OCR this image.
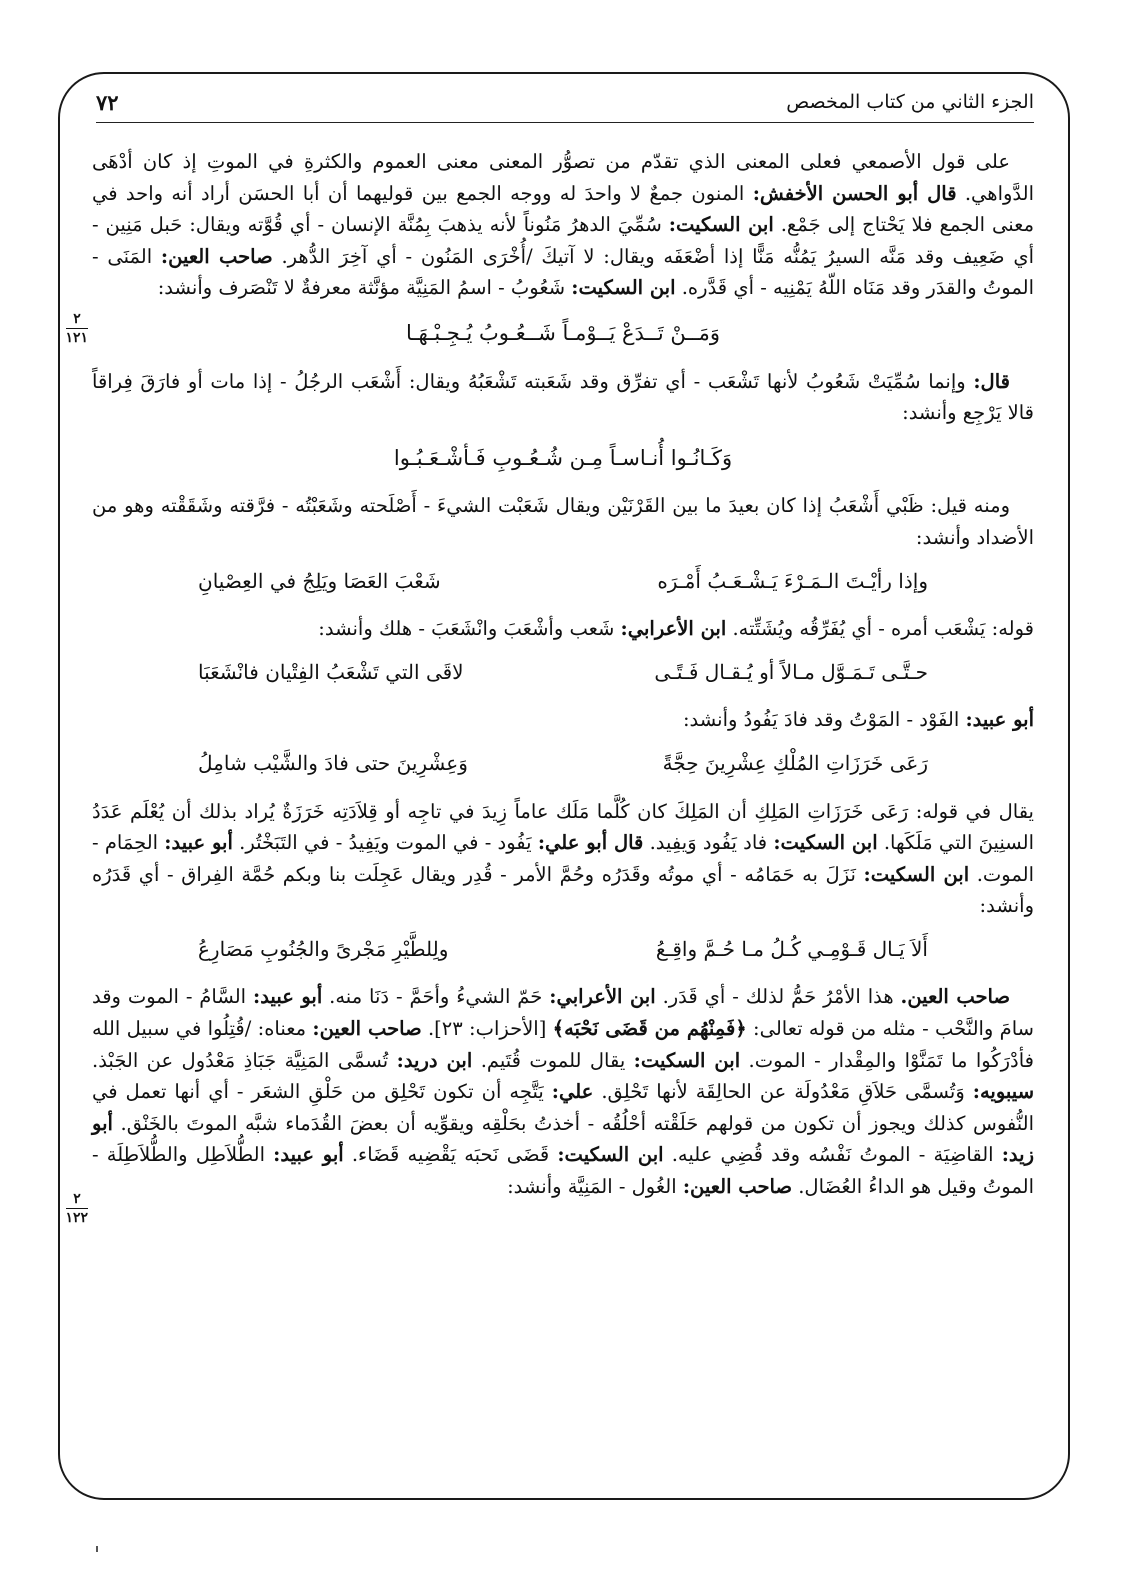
الجزء الثاني من كتاب المخصص
٧٢
٢
١٢١
٢
١٢٢

على قول الأصمعي فعلى المعنى الذي تقدّم من تصوُّر المعنى معنى العموم والكثرةِ في الموتِ إذ كان أدْهَى الدَّواهي. قال أبو الحسن الأخفش: المنون جمعٌ لا واحدَ له ووجه الجمع بين قوليهما أن أبا الحسَن أراد أنه واحد في معنى الجمع فلا يَحْتاج إلى جَمْع. ابن السكيت: سُمِّيَ الدهرُ مَنُوناً لأنه يذهبَ بِمُنَّة الإنسان - أي قُوَّته ويقال: حَبل مَنِين - أي ضَعِيف وقد مَنَّه السيرُ يَمُنُّه مَنًّا إذا أضْعَفَه ويقال: لا آتيكَ /أُخْرَى المَنُون - أي آخِرَ الدُّهر. صاحب العين: المَنَى - الموتُ والقدَر وقد مَنَاه اللّهُ يَمْنِيه - أي قَدَّره. ابن السكيت: شَعُوبُ - اسمُ المَنِيَّة مؤنَّثة معرفةٌ لا تَنْصَرف وأنشد:

وَمَــنْ تَــدَعْ يَــوْمـاً شَــعُـوبُ يُـجِـبْـهَـا

قال: وإنما سُمِّيَتْ شَعُوبُ لأنها تَشْعَب - أي تفرِّق وقد شَعَبته تَشْعَبُهُ ويقال: أَشْعَب الرجُلُ - إذا مات أو فارَقَ فِراقاً قالا يَرْجِع وأنشد:

وَكَـانُـوا أُنـاسـاً مِـن شُـعُـوبِ فَـأشْـعَـبُـوا

ومنه قيل: ظَبْي أَشْعَبُ إذا كان بعيدَ ما بين القَرْنَيْن ويقال شَعَبْت الشيءَ - أَصْلَحته وشَعَبْتُه - فرَّقته وشَقَقْته وهو من الأضداد وأنشد:

وإذا رأيْـتَ الـمَـرْءَ يَـشْـعَـبُ أَمْـرَه
شَعْبَ العَصَا ويَلِجُ في العِصْيانِ

قوله: يَشْعَب أمره - أي يُفَرِّقُه ويُشَتِّته. ابن الأعرابي: شَعب وأشْعَبَ وانْشَعَبَ - هلك وأنشد:

حـتَّـى تَـمَـوَّل مـالاً أو يُـقـال فَـتًـى
لاقَى التي تَشْعَبُ الفِتْيان فانْشَعَبَا

أبو عبيد: الفَوْد - المَوْتُ وقد فادَ يَفُودُ وأنشد:

رَعَى خَرَزَاتِ المُلْكِ عِشْرِينَ حِجَّةً
وَعِشْرِينَ حتى فادَ والشَّيْب شامِلُ

يقال في قوله: رَعَى خَرَزَاتِ المَلِكِ أن المَلِكَ كان كُلَّما مَلَك عاماً زِيدَ في تاجِه أو قِلاَدَتِه خَرَزَةٌ يُراد بذلك أن يُعْلَم عَدَدُ السنِينَ التي مَلَكَها. ابن السكيت: فاد يَفُود وَيفِيد. قال أبو علي: يَفُود - في الموت ويَفِيدُ - في التَبَخْتُر. أبو عبيد: الحِمَام - الموت. ابن السكيت: نَزَلَ به حَمَامُه - أي موتُه وقَدَرُه وحُمَّ الأمر - قُدِر ويقال عَجِلَت بنا وبكم حُمَّة الفِراق - أي قَدَرُه وأنشد:

أَلاَ يَـال قَـوْمِـي كُـلُ مـا حُـمَّ واقِـعُ
ولِلطَّيْرِ مَجْرىً والجُنُوبِ مَصَارِعُ

صاحب العين. هذا الأمْرُ حَمُّ لذلك - أي قَدَر. ابن الأعرابي: حَمّ الشيءُ وأحَمَّ - دَنَا منه. أبو عبيد: السَّامُ - الموت وقد سامَ والنَّحْب - مثله من قوله تعالى: ﴿فَمِنْهُم من قَضَى نَحْبَه﴾ [الأحزاب: ٢٣]. صاحب العين: معناه: /قُتِلُوا في سبيل الله فأدْرَكُوا ما تَمَنَّوْا والمِقْدار - الموت. ابن السكيت: يقال للموت قُتَيم. ابن دريد: تُسمَّى المَنِيَّة جَبَاذِ مَعْدُول عن الجَبْذ. سيبويه: وَتُسمَّى حَلاَقِ مَعْدُولَة عن الحالِقَة لأنها تَحْلِق. علي: يَتَّجِه أن تكون تَحْلِق من حَلْقِ الشعَر - أي أنها تعمل في النُّفوس كذلك ويجوز أن تكون من قولهم حَلَقْته أحْلُقُه - أخذتُ بحَلْقِه ويقوِّيه أن بعضَ القُدَماء شبَّه الموتَ بالخَنْق. أبو زيد: القاضِيَة - الموتُ نَفْسُه وقد قُضِي عليه. ابن السكيت: قَضَى نَحبَه يَقْضِيه قَضَاء. أبو عبيد: الطُّلاَطِل والطُّلاَطِلَة - الموتُ وقيل هو الداءُ العُضَال. صاحب العين: الغُول - المَنِيَّة وأنشد:
